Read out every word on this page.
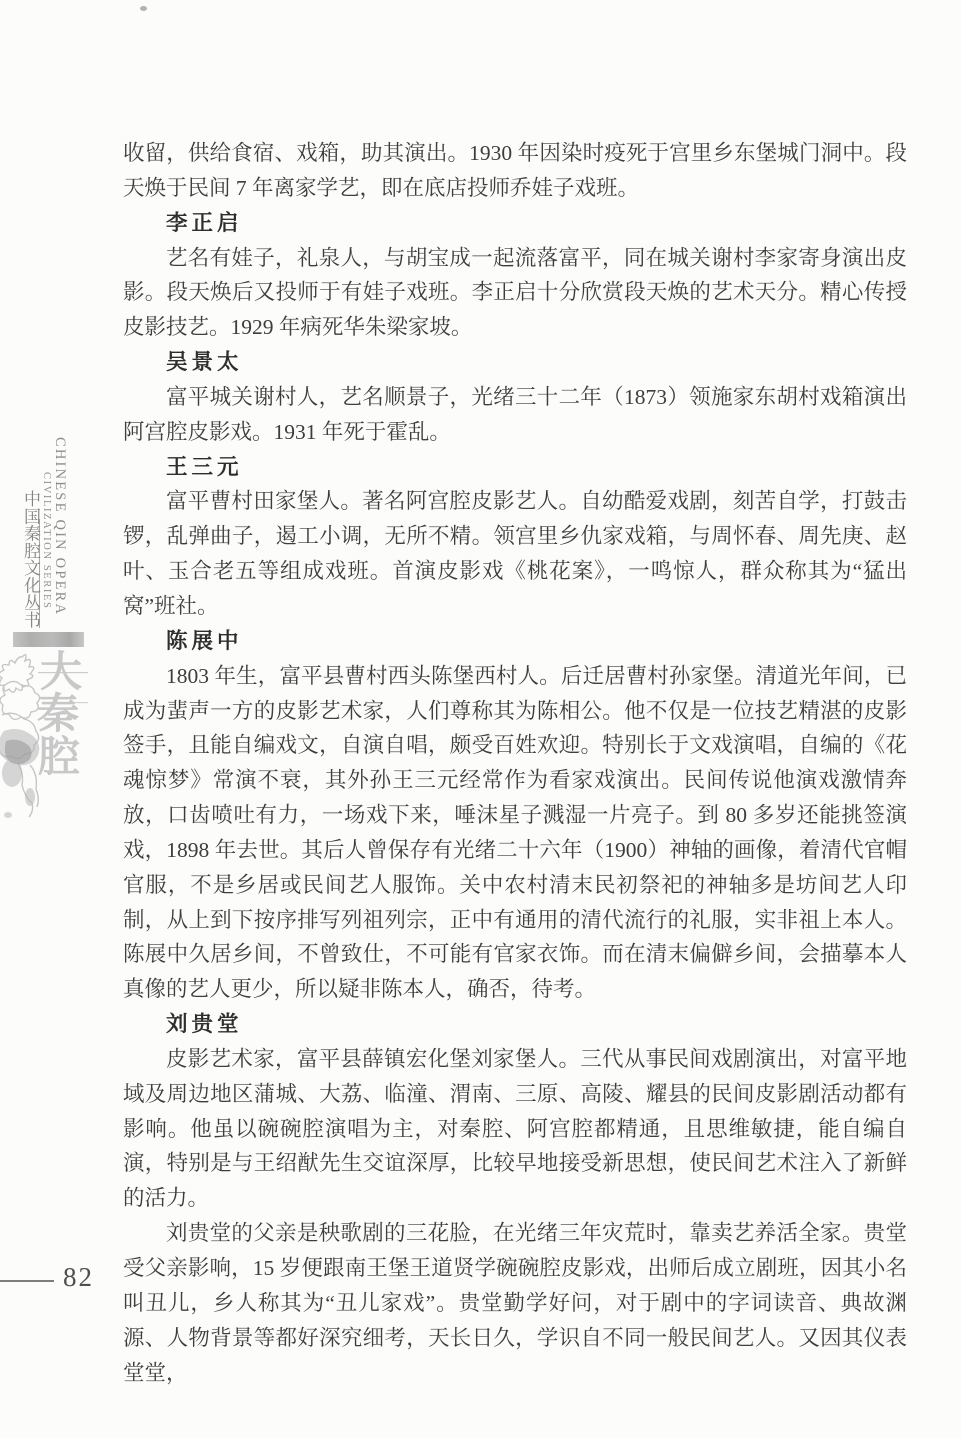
CHINESE QIN OPERA
CIVILIZATION SERIES
中国秦腔文化丛书
大
秦
腔

收留，供给食宿、戏箱，助其演出。1930 年因染时疫死于宫里乡东堡城门洞中。段天焕于民间 7 年离家学艺，即在底店投师乔娃子戏班。

李正启

艺名有娃子，礼泉人，与胡宝成一起流落富平，同在城关谢村李家寄身演出皮影。段天焕后又投师于有娃子戏班。李正启十分欣赏段天焕的艺术天分。精心传授皮影技艺。1929 年病死华朱梁家坡。

吴景太

富平城关谢村人，艺名顺景子，光绪三十二年（1873）领施家东胡村戏箱演出阿宫腔皮影戏。1931 年死于霍乱。

王三元

富平曹村田家堡人。著名阿宫腔皮影艺人。自幼酷爱戏剧，刻苦自学，打鼓击锣，乱弹曲子，遏工小调，无所不精。领宫里乡仇家戏箱，与周怀春、周先庚、赵叶、玉合老五等组成戏班。首演皮影戏《桃花案》，一鸣惊人，群众称其为“猛出窝”班社。

陈展中

1803 年生，富平县曹村西头陈堡西村人。后迁居曹村孙家堡。清道光年间，已成为蜚声一方的皮影艺术家，人们尊称其为陈相公。他不仅是一位技艺精湛的皮影签手，且能自编戏文，自演自唱，颇受百姓欢迎。特别长于文戏演唱，自编的《花魂惊梦》常演不衰，其外孙王三元经常作为看家戏演出。民间传说他演戏激情奔放，口齿喷吐有力，一场戏下来，唾沫星子溅湿一片亮子。到 80 多岁还能挑签演戏，1898 年去世。其后人曾保存有光绪二十六年（1900）神轴的画像，着清代官帽官服，不是乡居或民间艺人服饰。关中农村清末民初祭祀的神轴多是坊间艺人印制，从上到下按序排写列祖列宗，正中有通用的清代流行的礼服，实非祖上本人。陈展中久居乡间，不曾致仕，不可能有官家衣饰。而在清末偏僻乡间，会描摹本人真像的艺人更少，所以疑非陈本人，确否，待考。

刘贵堂

皮影艺术家，富平县薛镇宏化堡刘家堡人。三代从事民间戏剧演出，对富平地域及周边地区蒲城、大荔、临潼、渭南、三原、高陵、耀县的民间皮影剧活动都有影响。他虽以碗碗腔演唱为主，对秦腔、阿宫腔都精通，且思维敏捷，能自编自演，特别是与王绍猷先生交谊深厚，比较早地接受新思想，使民间艺术注入了新鲜的活力。

刘贵堂的父亲是秧歌剧的三花脸，在光绪三年灾荒时，靠卖艺养活全家。贵堂受父亲影响，15 岁便跟南王堡王道贤学碗碗腔皮影戏，出师后成立剧班，因其小名叫丑儿，乡人称其为“丑儿家戏”。贵堂勤学好问，对于剧中的字词读音、典故渊源、人物背景等都好深究细考，天长日久，学识自不同一般民间艺人。又因其仪表堂堂，

82
